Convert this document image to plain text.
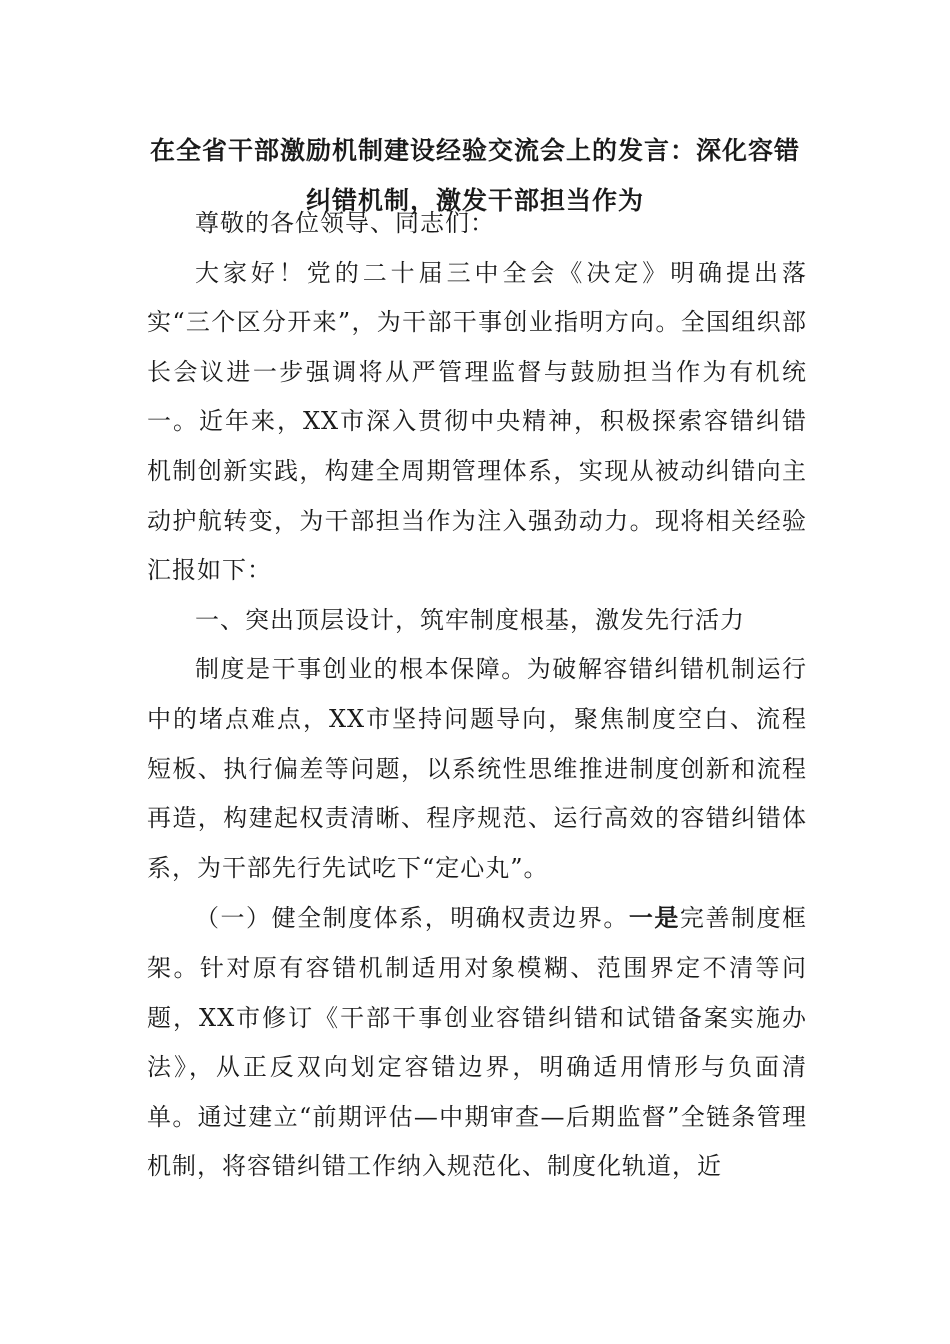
在全省干部激励机制建设经验交流会上的发言：深化容错纠错机制，激发干部担当作为

尊敬的各位领导、同志们：

大家好！党的二十届三中全会《决定》明确提出落实“三个区分开来”，为干部干事创业指明方向。全国组织部长会议进一步强调将从严管理监督与鼓励担当作为有机统一。近年来，XX市深入贯彻中央精神，积极探索容错纠错机制创新实践，构建全周期管理体系，实现从被动纠错向主动护航转变，为干部担当作为注入强劲动力。现将相关经验汇报如下：

一、突出顶层设计，筑牢制度根基，激发先行活力

制度是干事创业的根本保障。为破解容错纠错机制运行中的堵点难点，XX市坚持问题导向，聚焦制度空白、流程短板、执行偏差等问题，以系统性思维推进制度创新和流程再造，构建起权责清晰、程序规范、运行高效的容错纠错体系，为干部先行先试吃下“定心丸”。

（一）健全制度体系，明确权责边界。一是完善制度框架。针对原有容错机制适用对象模糊、范围界定不清等问题，XX市修订《干部干事创业容错纠错和试错备案实施办法》，从正反双向划定容错边界，明确适用情形与负面清单。通过建立“前期评估—中期审查—后期监督”全链条管理机制，将容错纠错工作纳入规范化、制度化轨道，近
